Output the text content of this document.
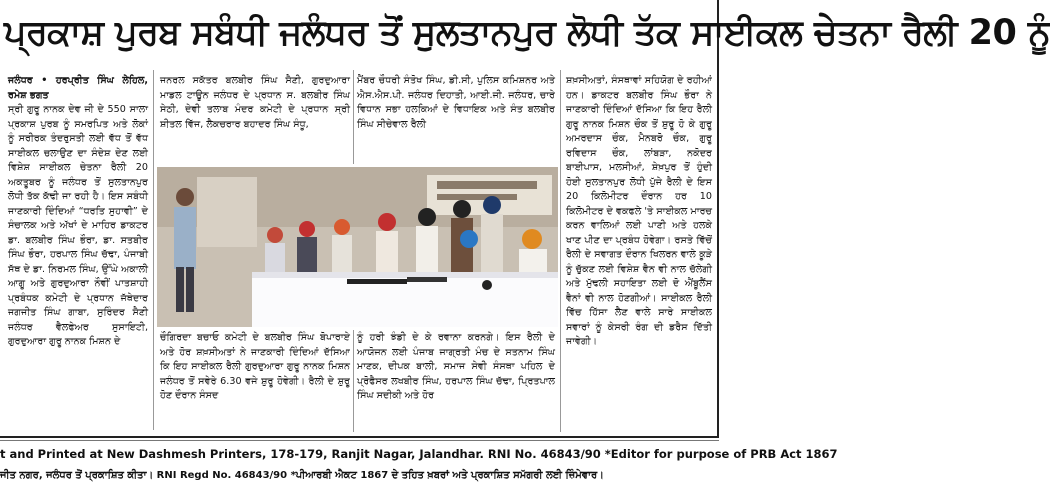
ਪ੍ਰਕਾਸ਼ ਪੁਰਬ ਸਬੰਧੀ ਜਲੰਧਰ ਤੋਂ ਸੁਲਤਾਨਪੁਰ ਲੋਧੀ ਤੱਕ ਸਾਈਕਲ ਚੇਤਨਾ ਰੈਲੀ 20 ਨੂੰ

ਜਲੰਧਰ • ਹਰਪ੍ਰੀਤ ਸਿੰਘ ਲੇਹਿਲ, ਰਮੇਸ਼ ਭਗਤ

ਸ੍ਰੀ ਗੁਰੂ ਨਾਨਕ ਦੇਵ ਜੀ ਦੇ 550 ਸਾਲਾ ਪ੍ਰਕਾਸ਼ ਪੁਰਬ ਨੂੰ ਸਮਰਪਿਤ ਅਤੇ ਲੋਕਾਂ ਨੂੰ ਸਰੀਰਕ ਤੰਦਰੁਸਤੀ ਲਈ ਵੱਧ ਤੋਂ ਵੱਧ ਸਾਈਕਲ ਚਲਾਉਣ ਦਾ ਸੰਦੇਸ਼ ਦੇਣ ਲਈ ਵਿਸ਼ੇਸ਼ ਸਾਈਕਲ ਚੇਤਨਾ ਰੈਲੀ 20 ਅਕਤੂਬਰ ਨੂੰ ਜਲੰਧਰ ਤੋਂ ਸੁਲਤਾਨਪੁਰ ਲੋਧੀ ਤੱਕ ਕੱਢੀ ਜਾ ਰਹੀ ਹੈ। ਇਸ ਸਬੰਧੀ ਜਾਣਕਾਰੀ ਦਿੰਦਿਆਂ “ਧਰਤਿ ਸੁਹਾਵੀ” ਦੇ ਸੰਚਾਲਕ ਅਤੇ ਅੱਖਾਂ ਦੇ ਮਾਹਿਰ ਡਾਕਟਰ ਡਾ. ਬਲਬੀਰ ਸਿੰਘ ਭੌਰਾ, ਡਾ. ਸਤਬੀਰ ਸਿੰਘ ਭੌਰਾ, ਹਰਪਾਲ ਸਿੰਘ ਚੱਢਾ, ਪੰਜਾਬੀ ਸੱਥ ਦੇ ਡਾ. ਨਿਰਮਲ ਸਿੰਘ, ਉੱਘੇ ਅਕਾਲੀ ਆਗੂ ਅਤੇ ਗੁਰਦੁਆਰਾ ਨੌਵੀਂ ਪਾਤਸ਼ਾਹੀ ਪ੍ਰਬੰਧਕ ਕਮੇਟੀ ਦੇ ਪ੍ਰਧਾਨ ਜੱਥੇਦਾਰ ਜਗਜੀਤ ਸਿੰਘ ਗਾਬਾ, ਸੁਰਿੰਦਰ ਸੈਣੀ ਜਲੰਧਰ ਵੈਲਫੇਅਰ ਸੁਸਾਇਟੀ, ਗੁਰਦੁਆਰਾ ਗੁਰੂ ਨਾਨਕ ਮਿਸ਼ਨ ਦੇ

ਜਨਰਲ ਸਕੱਤਰ ਬਲਬੀਰ ਸਿੰਘ ਸੈਣੀ, ਗੁਰਦੁਆਰਾ ਮਾਡਲ ਟਾਊਨ ਜਲੰਧਰ ਦੇ ਪ੍ਰਧਾਨ ਸ. ਬਲਬੀਰ ਸਿੰਘ ਸੇਠੀ, ਦੇਵੀ ਤਲਾਬ ਮੰਦਰ ਕਮੇਟੀ ਦੇ ਪ੍ਰਧਾਨ ਸ੍ਰੀ ਸ਼ੀਤਲ ਵਿੱਜ, ਲੈਕਚਰਾਰ ਬਹਾਦਰ ਸਿੰਘ ਸੰਧੂ,

ਮੈਂਬਰ ਚੌਧਰੀ ਸੰਤੋਖ ਸਿੰਘ, ਡੀ.ਸੀ, ਪੁਲਿਸ ਕਮਿਸ਼ਨਰ ਅਤੇ ਐਸ.ਐਸ.ਪੀ. ਜਲੰਧਰ ਦਿਹਾਤੀ, ਆਈ.ਜੀ. ਜਲੰਧਰ, ਚਾਰੇ ਵਿਧਾਨ ਸਭਾ ਹਲਕਿਆਂ ਦੇ ਵਿਧਾਇਕ ਅਤੇ ਸੰਤ ਬਲਬੀਰ ਸਿੰਘ ਸੀਚੇਵਾਲ ਰੈਲੀ

ਚੌਗਿਰਦਾ ਬਚਾਓ ਕਮੇਟੀ ਦੇ ਬਲਬੀਰ ਸਿੰਘ ਬੋਪਾਰਾਏ ਅਤੇ ਹੋਰ ਸ਼ਖ਼ਸੀਅਤਾਂ ਨੇ ਜਾਣਕਾਰੀ ਦਿੰਦਿਆਂ ਦੱਸਿਆ ਕਿ ਇਹ ਸਾਈਕਲ ਰੈਲੀ ਗੁਰਦੁਆਰਾ ਗੁਰੂ ਨਾਨਕ ਮਿਸ਼ਨ ਜਲੰਧਰ ਤੋਂ ਸਵੇਰੇ 6.30 ਵਜੇ ਸ਼ੁਰੂ ਹੋਵੇਗੀ। ਰੈਲੀ ਦੇ ਸ਼ੁਰੂ ਹੋਣ ਦੌਰਾਨ ਸੰਸਦ

ਨੂੰ ਹਰੀ ਝੰਡੀ ਦੇ ਕੇ ਰਵਾਨਾ ਕਰਨਗੇ। ਇਸ ਰੈਲੀ ਦੇ ਆਯੋਜਨ ਲਈ ਪੰਜਾਬ ਜਾਗ੍ਰਤੀ ਮੰਚ ਦੇ ਸਤਨਾਮ ਸਿੰਘ ਮਾਣਕ, ਦੀਪਕ ਬਾਲੀ, ਸਮਾਜ ਸੇਵੀ ਸੰਸਥਾ ਪਹਿਲ ਦੇ ਪ੍ਰੋਫੈਸਰ ਲਖਬੀਰ ਸਿੰਘ, ਹਰਪਾਲ ਸਿੰਘ ਚੱਢਾ, ਪ੍ਰਿਤਪਾਲ ਸਿੰਘ ਸਦੀਕੀ ਅਤੇ ਹੋਰ

ਸ਼ਖ਼ਸੀਅਤਾਂ, ਸੰਸਥਾਵਾਂ ਸਹਿਯੋਗ ਦੇ ਰਹੀਆਂ ਹਨ। ਡਾਕਟਰ ਬਲਬੀਰ ਸਿੰਘ ਭੌਰਾ ਨੇ ਜਾਣਕਾਰੀ ਦਿੰਦਿਆਂ ਦੱਸਿਆ ਕਿ ਇਹ ਰੈਲੀ ਗੁਰੂ ਨਾਨਕ ਮਿਸ਼ਨ ਚੌਕ ਤੋਂ ਸ਼ੁਰੂ ਹੋ ਕੇ ਗੁਰੂ ਅਮਰਦਾਸ ਚੌਕ, ਮੈਨਬਰੋ ਚੌਕ, ਗੁਰੂ ਰਵਿਦਾਸ ਚੌਕ, ਲਾਂਬੜਾ, ਨਕੋਦਰ ਬਾਈਪਾਸ, ਮਲਸੀਆਂ, ਸ਼ੇਖ਼ਪੁਰ ਤੋਂ ਹੁੰਦੀ ਹੋਈ ਸੁਲਤਾਨਪੁਰ ਲੋਧੀ ਪੁੱਜੇ ਰੈਲੀ ਦੇ ਇਸ 20 ਕਿਲੋਮੀਟਰ ਦੌਰਾਨ ਹਰ 10 ਕਿਲੋਮੀਟਰ ਦੇ ਵਕਫਲੇ 'ਤੇ ਸਾਈਕਲ ਮਾਰਚ ਕਰਨ ਵਾਲਿਆਂ ਲਈ ਪਾਣੀ ਅਤੇ ਹਲਕੇ ਖਾਣ ਪੀਣ ਦਾ ਪ੍ਰਬੰਧ ਹੋਵੇਗਾ। ਰਸਤੇ ਵਿੱਚੋਂ ਰੈਲੀ ਦੇ ਸਵਾਗਤ ਦੌਰਾਨ ਖਿਲਰਨ ਵਾਲੇ ਕੂੜੇ ਨੂੰ ਚੁੱਕਣ ਲਈ ਵਿਸ਼ੇਸ਼ ਵੈਨ ਵੀ ਨਾਲ ਚੱਲੇਗੀ ਅਤੇ ਮੁੱਢਲੀ ਸਹਾਇਤਾ ਲਈ ਦੋ ਐਂਬੂਲੈਂਸ ਵੈਨਾਂ ਵੀ ਨਾਲ ਹੋਣਗੀਆਂ। ਸਾਈਕਲ ਰੈਲੀ ਵਿੱਚ ਹਿੱਸਾ ਲੈਣ ਵਾਲੇ ਸਾਰੇ ਸਾਈਕਲ ਸਵਾਰਾਂ ਨੂੰ ਕੇਸਰੀ ਰੰਗ ਦੀ ਡਰੈਸ ਦਿੱਤੀ ਜਾਵੇਗੀ।

t and Printed at New Dashmesh Printers, 178-179, Ranjit Nagar, Jalandhar. RNI No. 46843/90 *Editor for purpose of PRB Act 1867
ਜੀਤ ਨਗਰ, ਜਲੰਧਰ ਤੋਂ ਪ੍ਰਕਾਸ਼ਿਤ ਕੀਤਾ। RNI Regd No. 46843/90 *ਪੀਆਰਬੀ ਐਕਟ 1867 ਦੇ ਤਹਿਤ ਖ਼ਬਰਾਂ ਅਤੇ ਪ੍ਰਕਾਸ਼ਿਤ ਸਮੱਗਰੀ ਲਈ ਜ਼ਿੰਮੇਵਾਰ।
